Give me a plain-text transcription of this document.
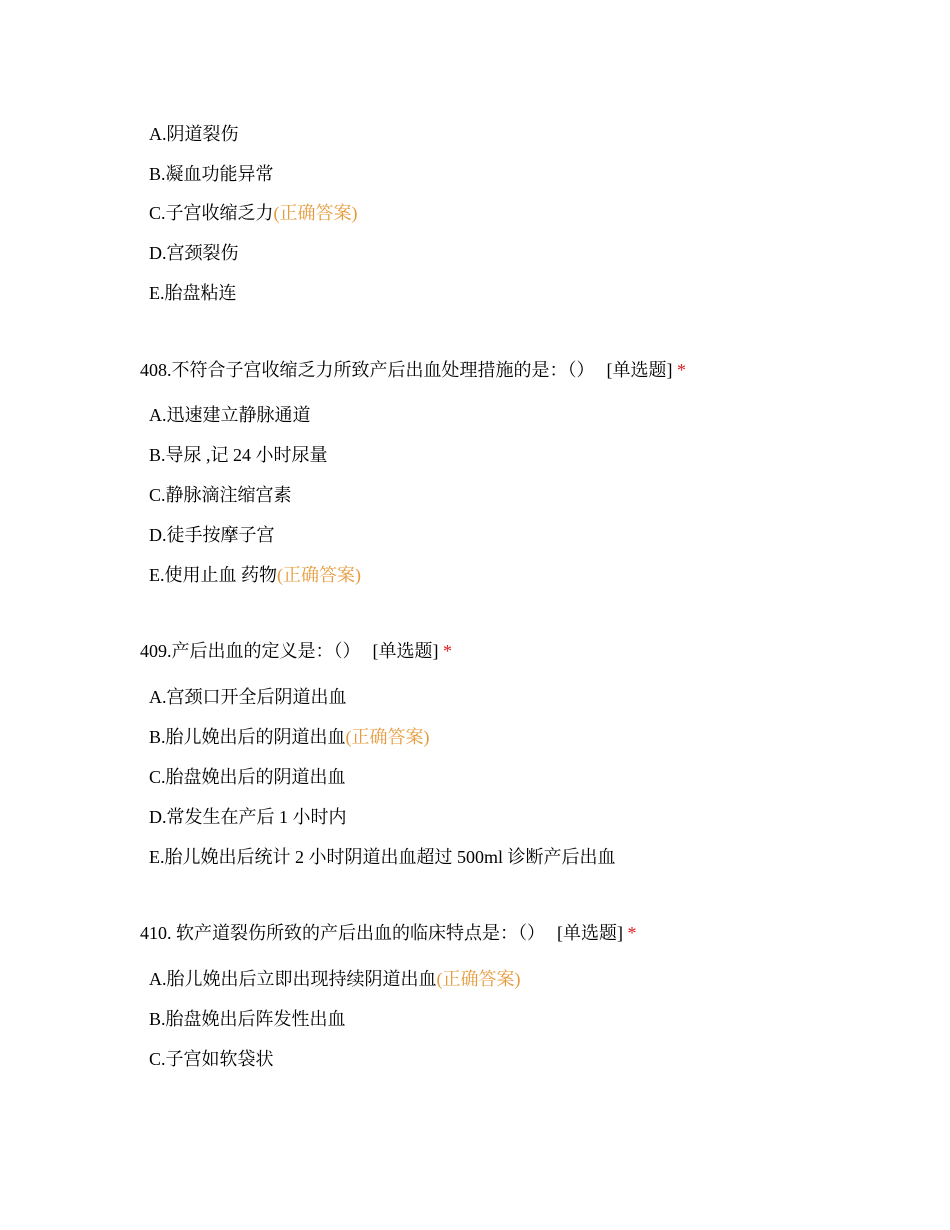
A.阴道裂伤
B.凝血功能异常
C.子宫收缩乏力(正确答案)
D.宫颈裂伤
E.胎盘粘连
408.不符合子宫收缩乏力所致产后出血处理措施的是：（） [单选题] *
A.迅速建立静脉通道
B.导尿 ,记 24 小时尿量
C.静脉滴注缩宫素
D.徒手按摩子宫
E.使用止血 药物(正确答案)
409.产后出血的定义是：（） [单选题] *
A.宫颈口开全后阴道出血
B.胎儿娩出后的阴道出血(正确答案)
C.胎盘娩出后的阴道出血
D.常发生在产后 1 小时内
E.胎儿娩出后统计 2 小时阴道出血超过 500ml 诊断产后出血
410. 软产道裂伤所致的产后出血的临床特点是：（） [单选题] *
A.胎儿娩出后立即出现持续阴道出血(正确答案)
B.胎盘娩出后阵发性出血
C.子宫如软袋状
